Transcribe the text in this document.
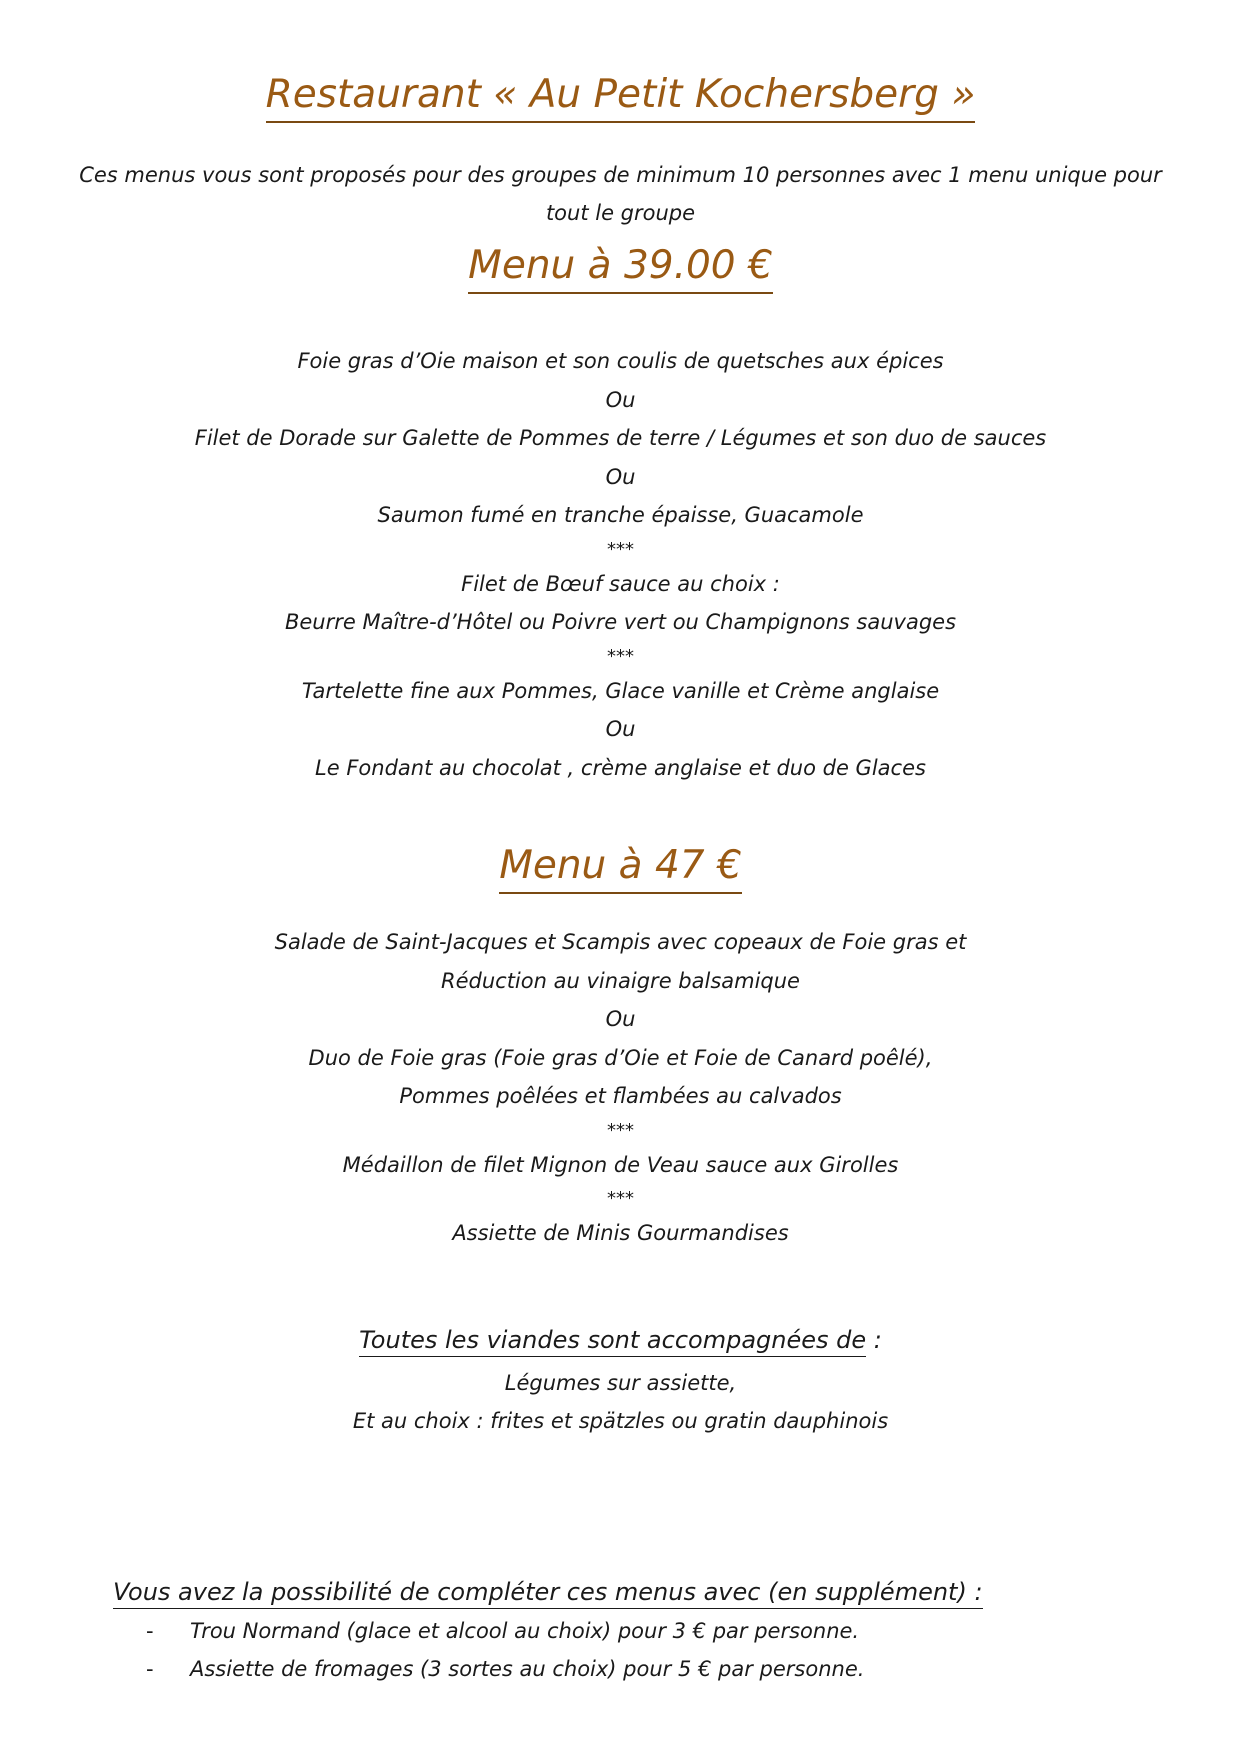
Restaurant « Au Petit Kochersberg »
Ces menus vous sont proposés pour des groupes de minimum 10 personnes avec 1 menu unique pour tout le groupe
Menu à 39.00 €
Foie gras d’Oie maison et son coulis de quetsches aux épices
Ou
Filet de Dorade sur Galette de Pommes de terre / Légumes et son duo de sauces
Ou
Saumon fumé en tranche épaisse, Guacamole
***
Filet de Bœuf sauce au choix :
Beurre Maître-d’Hôtel ou Poivre vert ou Champignons sauvages
***
Tartelette fine aux Pommes, Glace vanille et Crème anglaise
Ou
Le Fondant au chocolat , crème anglaise et duo de Glaces
Menu à 47 €
Salade de Saint-Jacques et Scampis avec copeaux de Foie gras et
Réduction au vinaigre balsamique
Ou
Duo de Foie gras (Foie gras d’Oie et Foie de Canard poêlé),
Pommes poêlées et flambées au calvados
***
Médaillon de filet Mignon de Veau sauce aux Girolles
***
Assiette de Minis Gourmandises
Toutes les viandes sont accompagnées de :
Légumes sur assiette,
Et au choix : frites et spätzles ou gratin dauphinois
Vous avez la possibilité de compléter ces menus avec (en supplément) :
-	Trou Normand (glace et alcool au choix) pour 3 € par personne.
-	Assiette de fromages (3 sortes au choix) pour 5 € par personne.
